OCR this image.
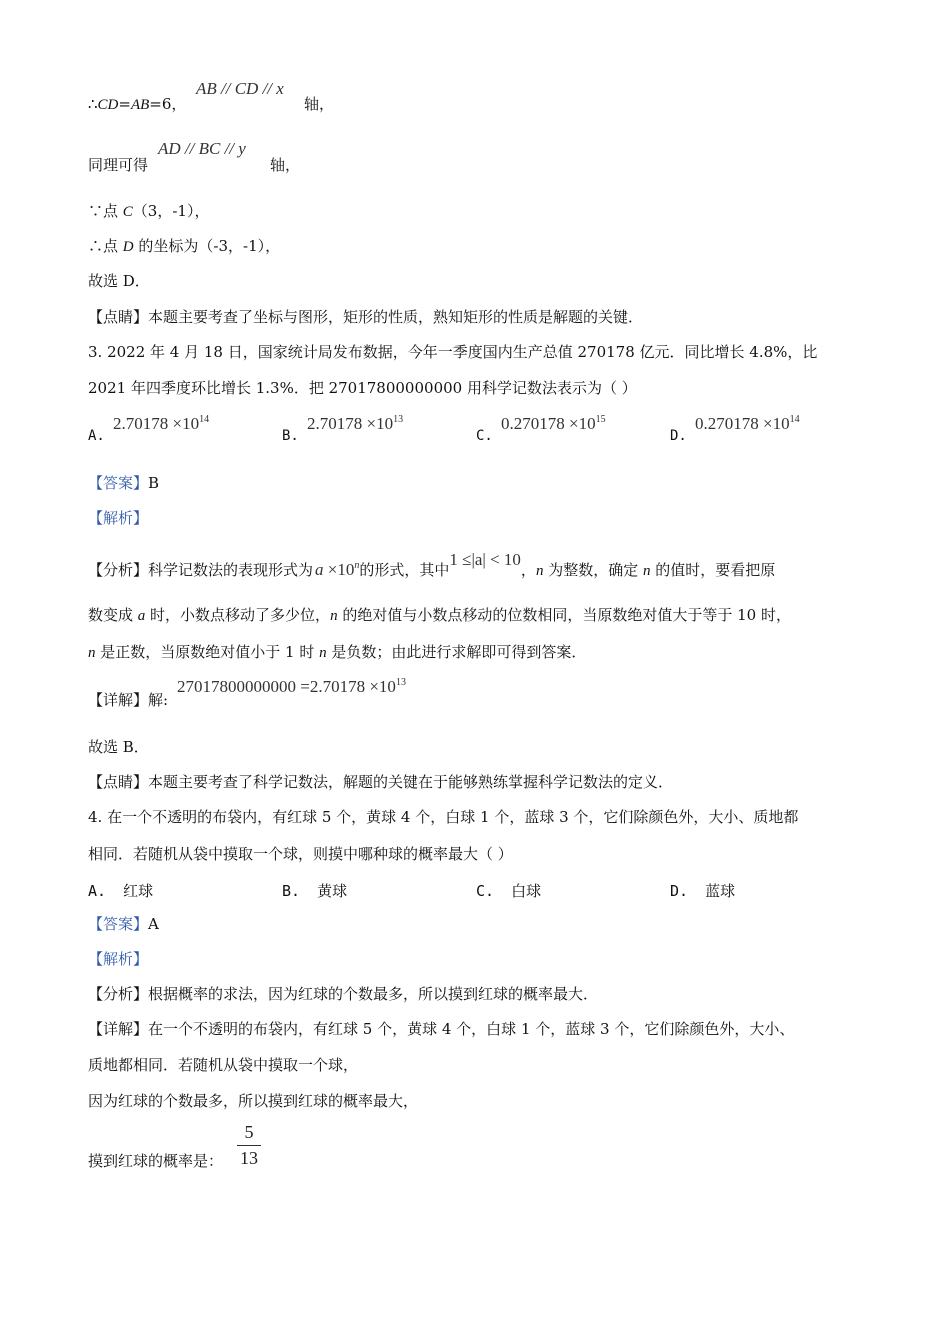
∴CD=AB=6，
AB // CD // x
轴，
同理可得
AD // BC // y
轴，
∵点 C（3，-1），
∴点 D 的坐标为（-3，-1），
故选 D．
【点睛】本题主要考查了坐标与图形，矩形的性质，熟知矩形的性质是解题的关键．
3. 2022 年 4 月 18 日，国家统计局发布数据，今年一季度国内生产总值 270178 亿元．同比增长 4.8%，比
2021 年四季度环比增长 1.3%．把 27017800000000 用科学记数法表示为（ ）
A.
$2.70178 \times 10^{14}$
B.
$2.70178 \times 10^{13}$
C.
$0.270178 \times 10^{15}$
D.
$0.270178 \times 10^{14}$
【答案】B
【解析】
【分析】科学记数法的表现形式为 $a \times 10^n$的形式，其中1 ≤|a| < 10，n 为整数，确定 n 的值时，要看把原
数变成 a 时，小数点移动了多少位，n 的绝对值与小数点移动的位数相同，当原数绝对值大于等于 10 时，
n 是正数，当原数绝对值小于 1 时 n 是负数；由此进行求解即可得到答案．
【详解】解:
$27017800000000 =2.70178 \times 10^{13}$
故选 B．
【点睛】本题主要考查了科学记数法，解题的关键在于能够熟练掌握科学记数法的定义．
4. 在一个不透明的布袋内，有红球 5 个，黄球 4 个，白球 1 个，蓝球 3 个，它们除颜色外，大小、质地都
相同．若随机从袋中摸取一个球，则摸中哪种球的概率最大（ ）
A. 红球	B. 黄球	C. 白球	D. 蓝球
【答案】A
【解析】
【分析】根据概率的求法，因为红球的个数最多，所以摸到红球的概率最大．
【详解】在一个不透明的布袋内，有红球 5 个，黄球 4 个，白球 1 个，蓝球 3 个，它们除颜色外，大小、
质地都相同．若随机从袋中摸取一个球，
因为红球的个数最多，所以摸到红球的概率最大，
摸到红球的概率是：
5
13
